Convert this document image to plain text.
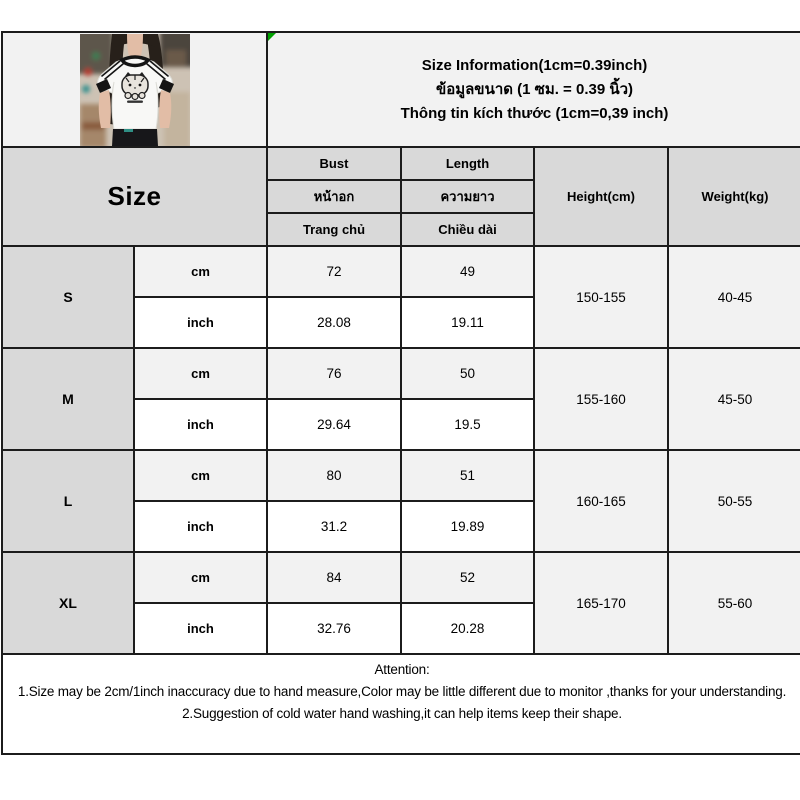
Size Information(1cm=0.39inch)
ข้อมูลขนาด (1 ซม. = 0.39 นิ้ว)
Thông tin kích thước (1cm=0,39 inch)			

Size		Bust	Length	Height(cm)	Weight(kg)
		หน้าอก	ความยาว		
		Trang chủ	Chiều dài		
S	cm	72	49	150-155	40-45
	inch	28.08	19.11		
M	cm	76	50	155-160	45-50
	inch	29.64	19.5		
L	cm	80	51	160-165	50-55
	inch	31.2	19.89		
XL	cm	84	52	165-170	55-60
	inch	32.76	20.28		

Attention:
1.Size may be 2cm/1inch inaccuracy due to hand measure,Color may be little different due to monitor ,thanks for your understanding.
2.Suggestion of cold water hand washing,it can help items keep their shape.					
